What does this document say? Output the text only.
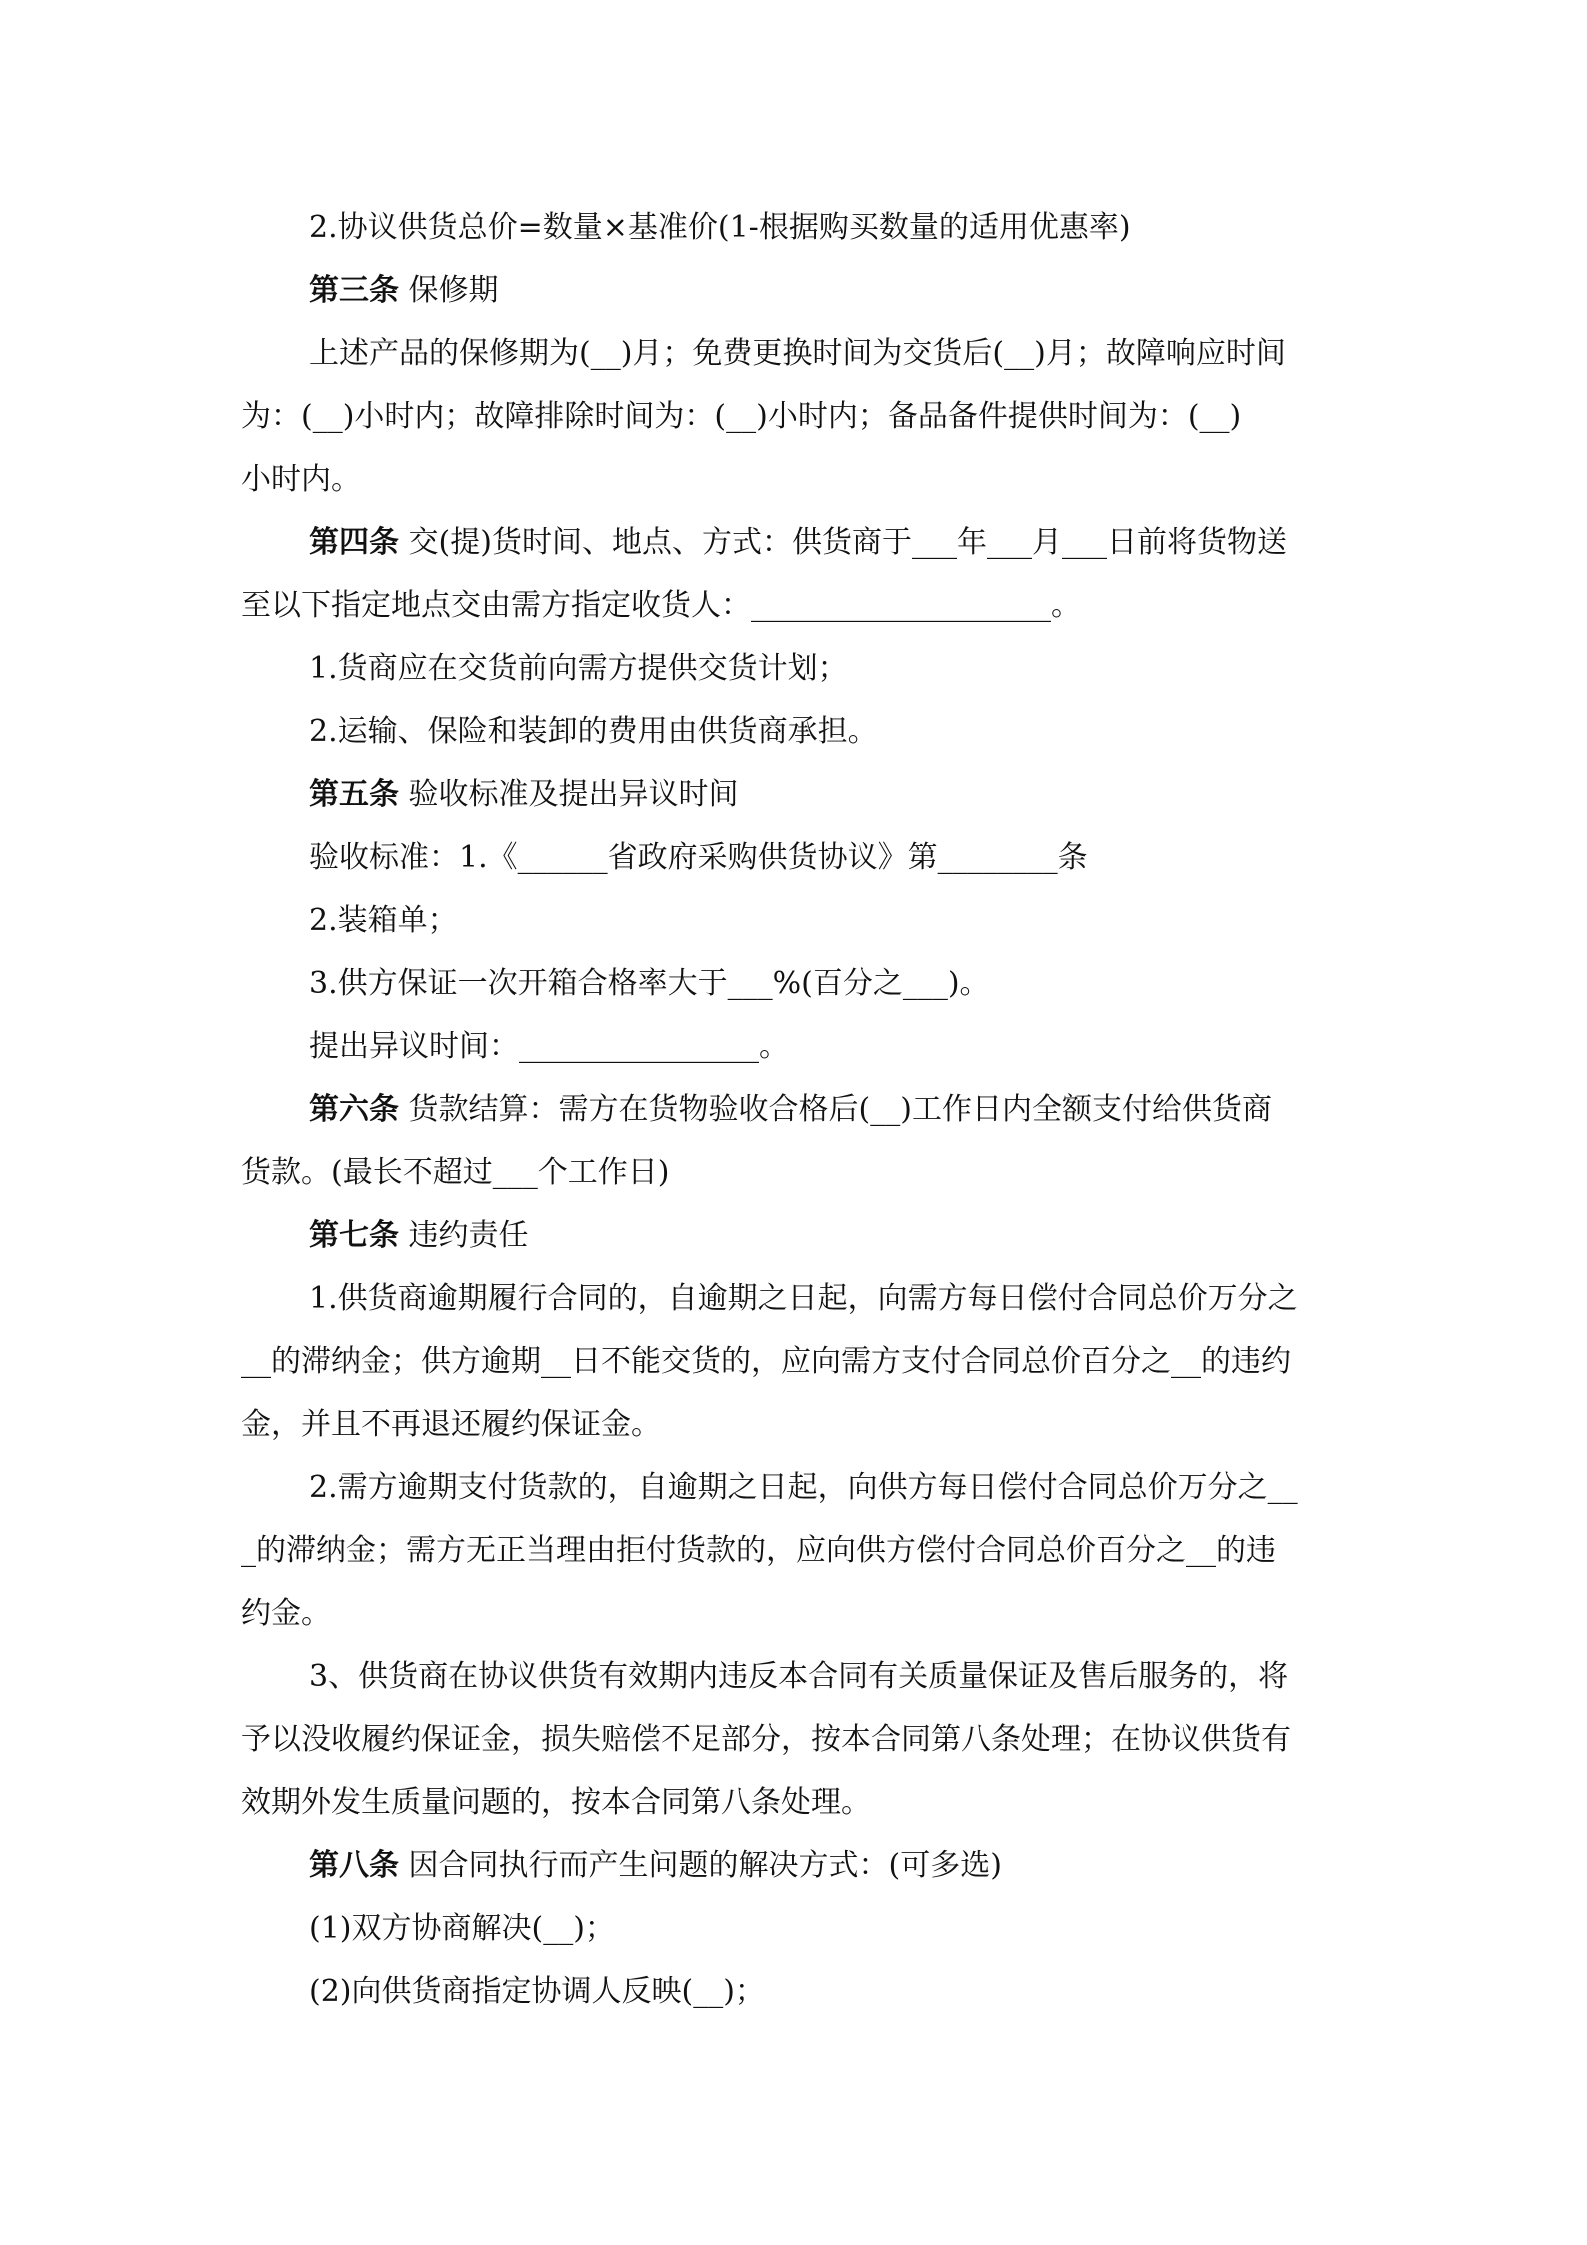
2.协议供货总价=数量×基准价(1-根据购买数量的适用优惠率)
第三条 保修期
上述产品的保修期为(__)月；免费更换时间为交货后(__)月；故障响应时间
为：(__)小时内；故障排除时间为：(__)小时内；备品备件提供时间为：(__)
小时内。
第四条 交(提)货时间、地点、方式：供货商于___年___月___日前将货物送
至以下指定地点交由需方指定收货人：____________________。
1.货商应在交货前向需方提供交货计划；
2.运输、保险和装卸的费用由供货商承担。
第五条 验收标准及提出异议时间
验收标准：1.《______省政府采购供货协议》第________条
2.装箱单；
3.供方保证一次开箱合格率大于___%(百分之___)。
提出异议时间：________________。
第六条 货款结算：需方在货物验收合格后(__)工作日内全额支付给供货商
货款。(最长不超过___个工作日)
第七条 违约责任
1.供货商逾期履行合同的，自逾期之日起，向需方每日偿付合同总价万分之
__的滞纳金；供方逾期__日不能交货的，应向需方支付合同总价百分之__的违约
金，并且不再退还履约保证金。
2.需方逾期支付货款的，自逾期之日起，向供方每日偿付合同总价万分之__
_的滞纳金；需方无正当理由拒付货款的，应向供方偿付合同总价百分之__的违
约金。
3、供货商在协议供货有效期内违反本合同有关质量保证及售后服务的，将
予以没收履约保证金，损失赔偿不足部分，按本合同第八条处理；在协议供货有
效期外发生质量问题的，按本合同第八条处理。
第八条 因合同执行而产生问题的解决方式：(可多选)
(1)双方协商解决(__)；
(2)向供货商指定协调人反映(__)；
